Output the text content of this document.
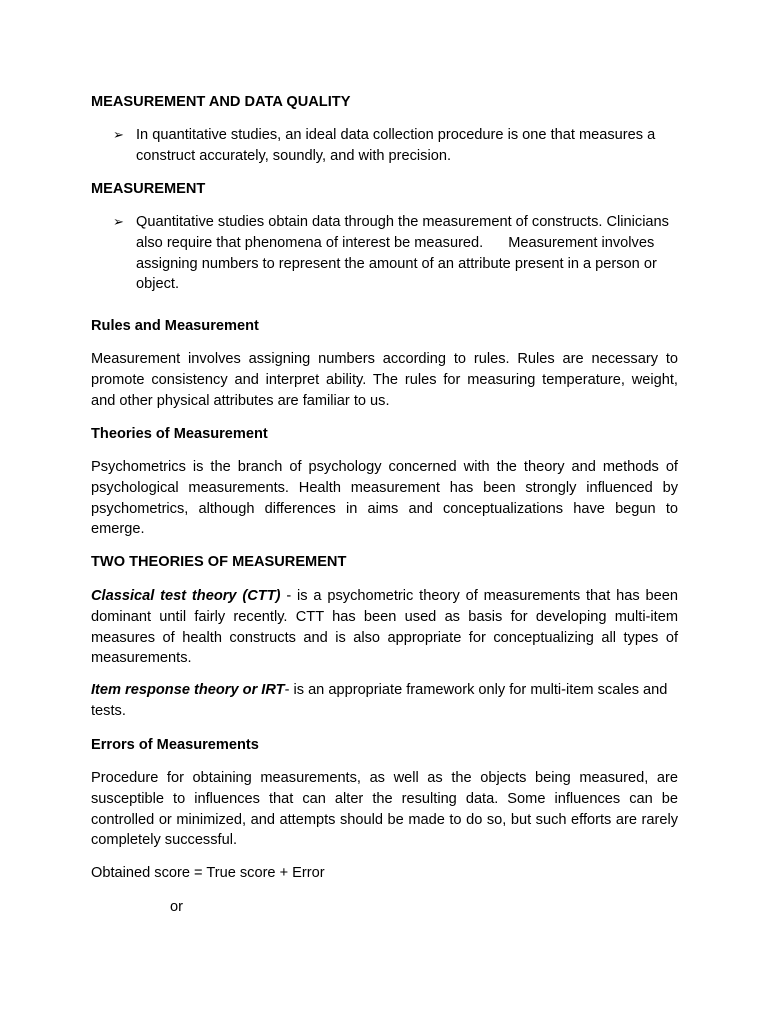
MEASUREMENT AND DATA QUALITY

➢ In quantitative studies, an ideal data collection procedure is one that measures a construct accurately, soundly, and with precision.

MEASUREMENT

➢ Quantitative studies obtain data through the measurement of constructs. Clinicians also require that phenomena of interest be measured. Measurement involves assigning numbers to represent the amount of an attribute present in a person or object.

Rules and Measurement

Measurement involves assigning numbers according to rules. Rules are necessary to promote consistency and interpret ability. The rules for measuring temperature, weight, and other physical attributes are familiar to us.

Theories of Measurement

Psychometrics is the branch of psychology concerned with the theory and methods of psychological measurements. Health measurement has been strongly influenced by psychometrics, although differences in aims and conceptualizations have begun to emerge.

TWO THEORIES OF MEASUREMENT

Classical test theory (CTT) - is a psychometric theory of measurements that has been dominant until fairly recently. CTT has been used as basis for developing multi-item measures of health constructs and is also appropriate for conceptualizing all types of measurements.

Item response theory or IRT- is an appropriate framework only for multi-item scales and tests.

Errors of Measurements

Procedure for obtaining measurements, as well as the objects being measured, are susceptible to influences that can alter the resulting data. Some influences can be controlled or minimized, and attempts should be made to do so, but such efforts are rarely completely successful.

Obtained score = True score + Error

or
